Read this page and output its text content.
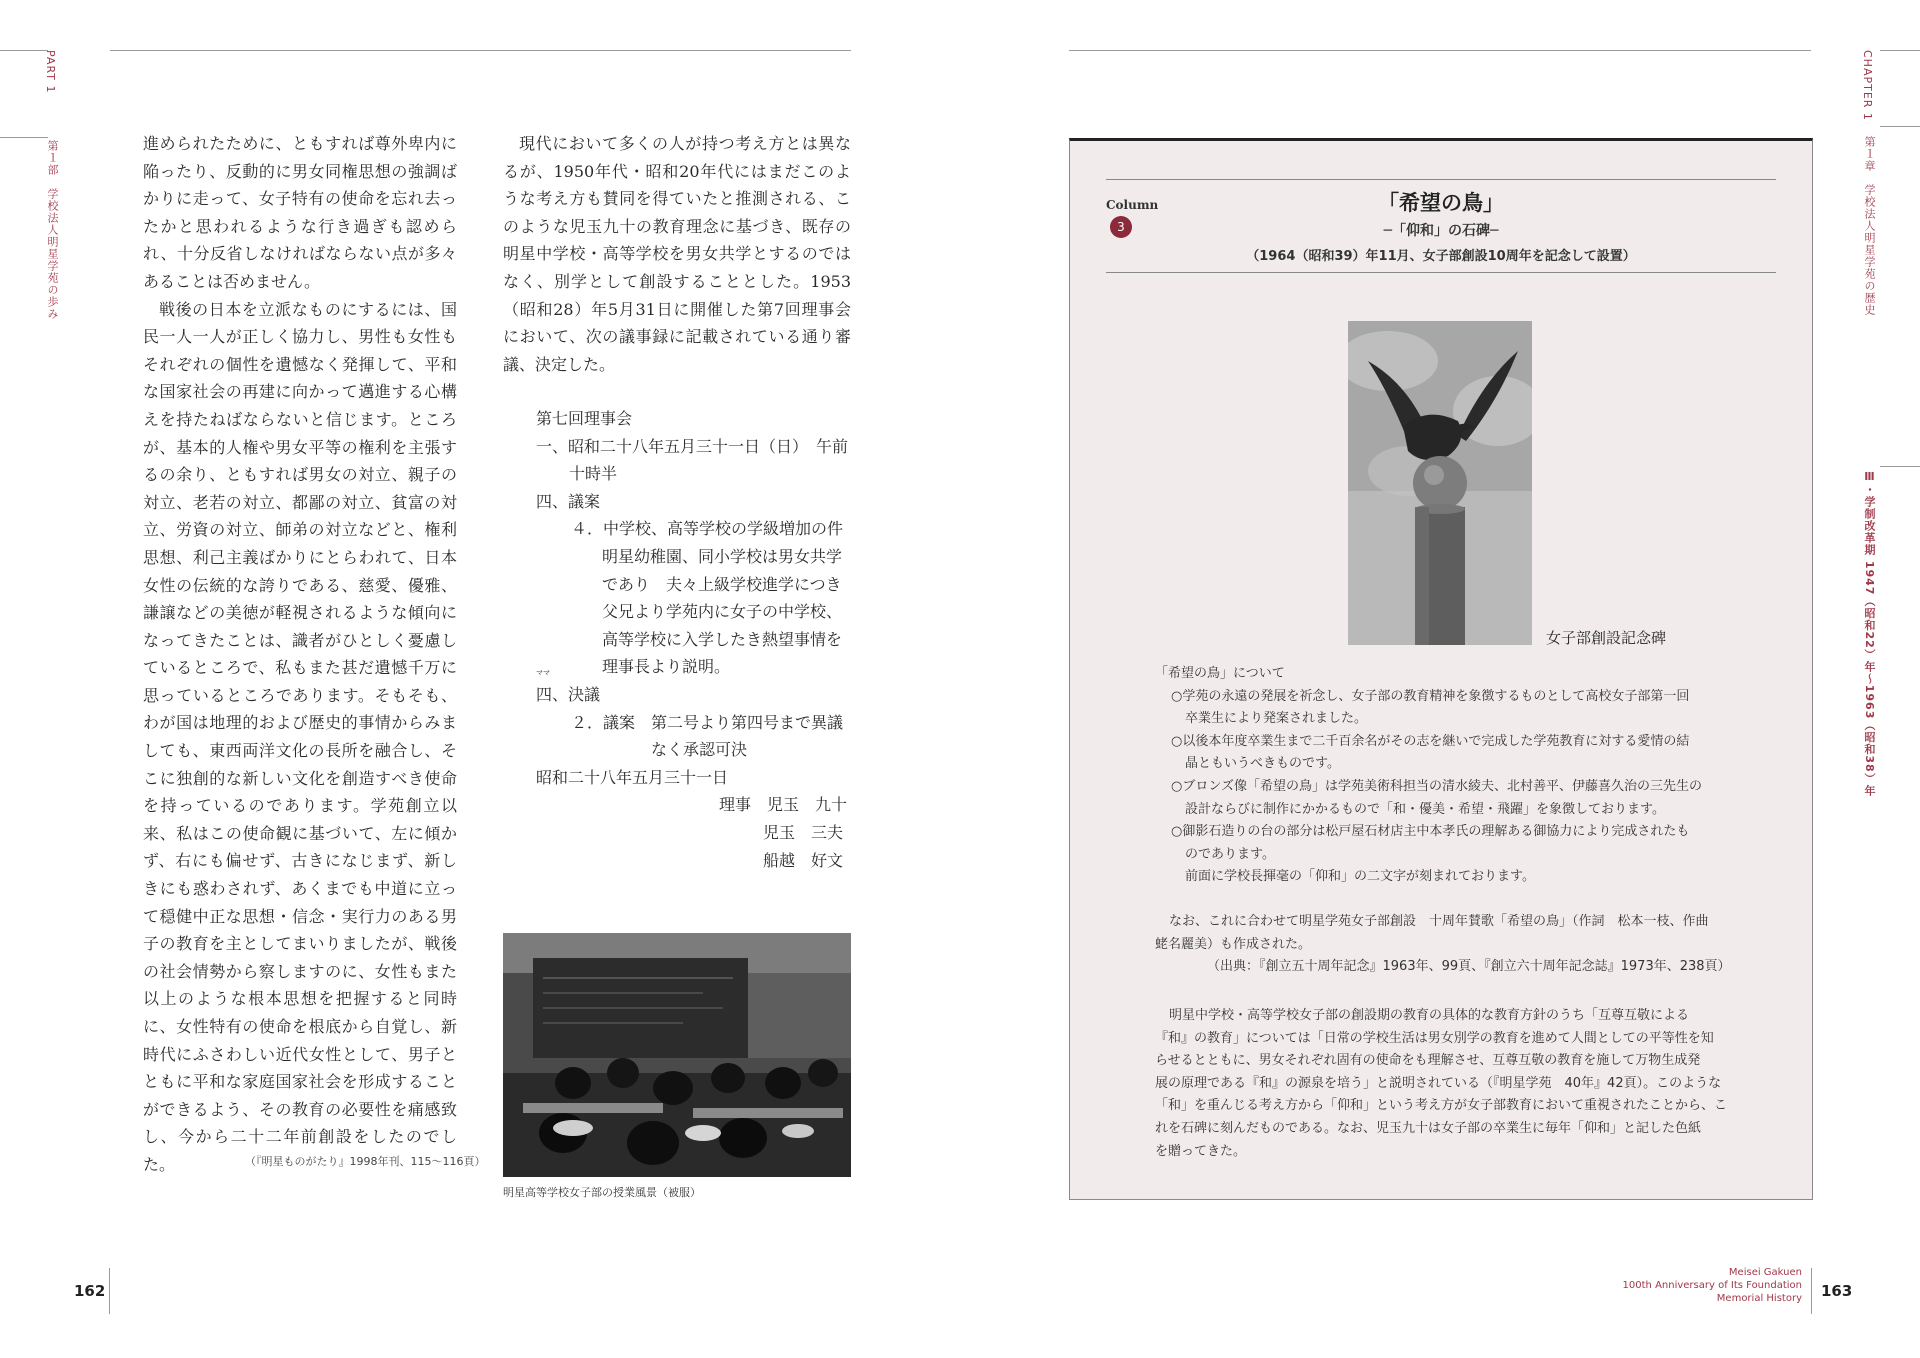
PART 1
第１部　学校法人明星学苑の歩み	進められたために、ともすれば尊外卑内に陥ったり、反動的に男女同権思想の強調ばかりに走って、女子特有の使命を忘れ去ったかと思われるような行き過ぎも認められ、十分反省しなければならない点が多々あることは否めません。

戦後の日本を立派なものにするには、国民一人一人が正しく協力し、男性も女性もそれぞれの個性を遺憾なく発揮して、平和な国家社会の再建に向かって邁進する心構えを持たねばならないと信じます。ところが、基本的人権や男女平等の権利を主張するの余り、ともすれば男女の対立、親子の対立、老若の対立、都鄙の対立、貧富の対立、労資の対立、師弟の対立などと、権利思想、利己主義ばかりにとらわれて、日本女性の伝統的な誇りである、慈愛、優雅、謙譲などの美徳が軽視されるような傾向になってきたことは、識者がひとしく憂慮しているところで、私もまた甚だ遺憾千万に思っているところであります。そもそも、わが国は地理的および歴史的事情からみましても、東西両洋文化の長所を融合し、そこに独創的な新しい文化を創造すべき使命を持っているのであります。学苑創立以来、私はこの使命観に基づいて、左に傾かず、右にも偏せず、古きになじまず、新しきにも惑わされず、あくまでも中道に立って穏健中正な思想・信念・実行力のある男子の教育を主としてまいりましたが、戦後の社会情勢から察しますのに、女性もまた以上のような根本思想を把握すると同時に、女性特有の使命を根底から自覚し、新時代にふさわしい近代女性として、男子とともに平和な家庭国家社会を形成することができるよう、その教育の必要性を痛感致し、今から二十二年前創設をしたのでした。	（『明星ものがたり』1998年刊、115～116頁）

現代において多くの人が持つ考え方とは異なるが、1950年代・昭和20年代にはまだこのような考え方も賛同を得ていたと推測される、このような児玉九十の教育理念に基づき、既存の明星中学校・高等学校を男女共学とするのではなく、別学として創設することとした。1953（昭和28）年5月31日に開催した第7回理事会において、次の議事録に記載されている通り審議、決定した。

第七回理事会
一、昭和二十八年五月三十一日（日）　午前
十時半
四、議案
４．中学校、高等学校の学級増加の件
明星幼稚園、同小学校は男女共学
であり　夫々上級学校進学につき
父兄より学苑内に女子の中学校、
高等学校に入学したき熱望事情を
理事長より説明。
ママ
四、決議
２．議案　第二号より第四号まで異議
なく承認可決
昭和二十八年五月三十一日
理事　児玉　九十
児玉　三夫
船越　好文
明星高等学校女子部の授業風景（被服）
162
CHAPTER 1
第１章　学校法人明星学苑の歴史
Ⅲ・学制改革期 1947（昭和22）年～1963（昭和38）年
Column
3
「希望の鳥」
─「仰和」の石碑─
（1964（昭和39）年11月、女子部創設10周年を記念して設置）
女子部創設記念碑
「希望の鳥」について
○学苑の永遠の発展を祈念し、女子部の教育精神を象徴するものとして高校女子部第一回
卒業生により発案されました。
○以後本年度卒業生まで二千百余名がその志を継いで完成した学苑教育に対する愛情の結
晶ともいうべきものです。
○ブロンズ像「希望の鳥」は学苑美術科担当の清水綾夫、北村善平、伊藤喜久治の三先生の
設計ならびに制作にかかるもので「和・優美・希望・飛躍」を象徴しております。
○御影石造りの台の部分は松戸屋石材店主中本孝氏の理解ある御協力により完成されたも
のであります。
前面に学校長揮毫の「仰和」の二文字が刻まれております。
なお、これに合わせて明星学苑女子部創設　十周年賛歌「希望の鳥」（作詞　松本一枝、作曲
蛯名麗美）も作成された。
（出典：『創立五十周年記念』1963年、99頁、『創立六十周年記念誌』1973年、238頁）
明星中学校・高等学校女子部の創設期の教育の具体的な教育方針のうち「互尊互敬による
『和』の教育」については「日常の学校生活は男女別学の教育を進めて人間としての平等性を知
らせるとともに、男女それぞれ固有の使命をも理解させ、互尊互敬の教育を施して万物生成発
展の原理である『和』の源泉を培う」と説明されている（『明星学苑　40年』42頁）。このような
「和」を重んじる考え方から「仰和」という考え方が女子部教育において重視されたことから、こ
れを石碑に刻んだものである。なお、児玉九十は女子部の卒業生に毎年「仰和」と記した色紙
を贈ってきた。
Meisei Gakuen
100th Anniversary of Its Foundation
Memorial History 163
